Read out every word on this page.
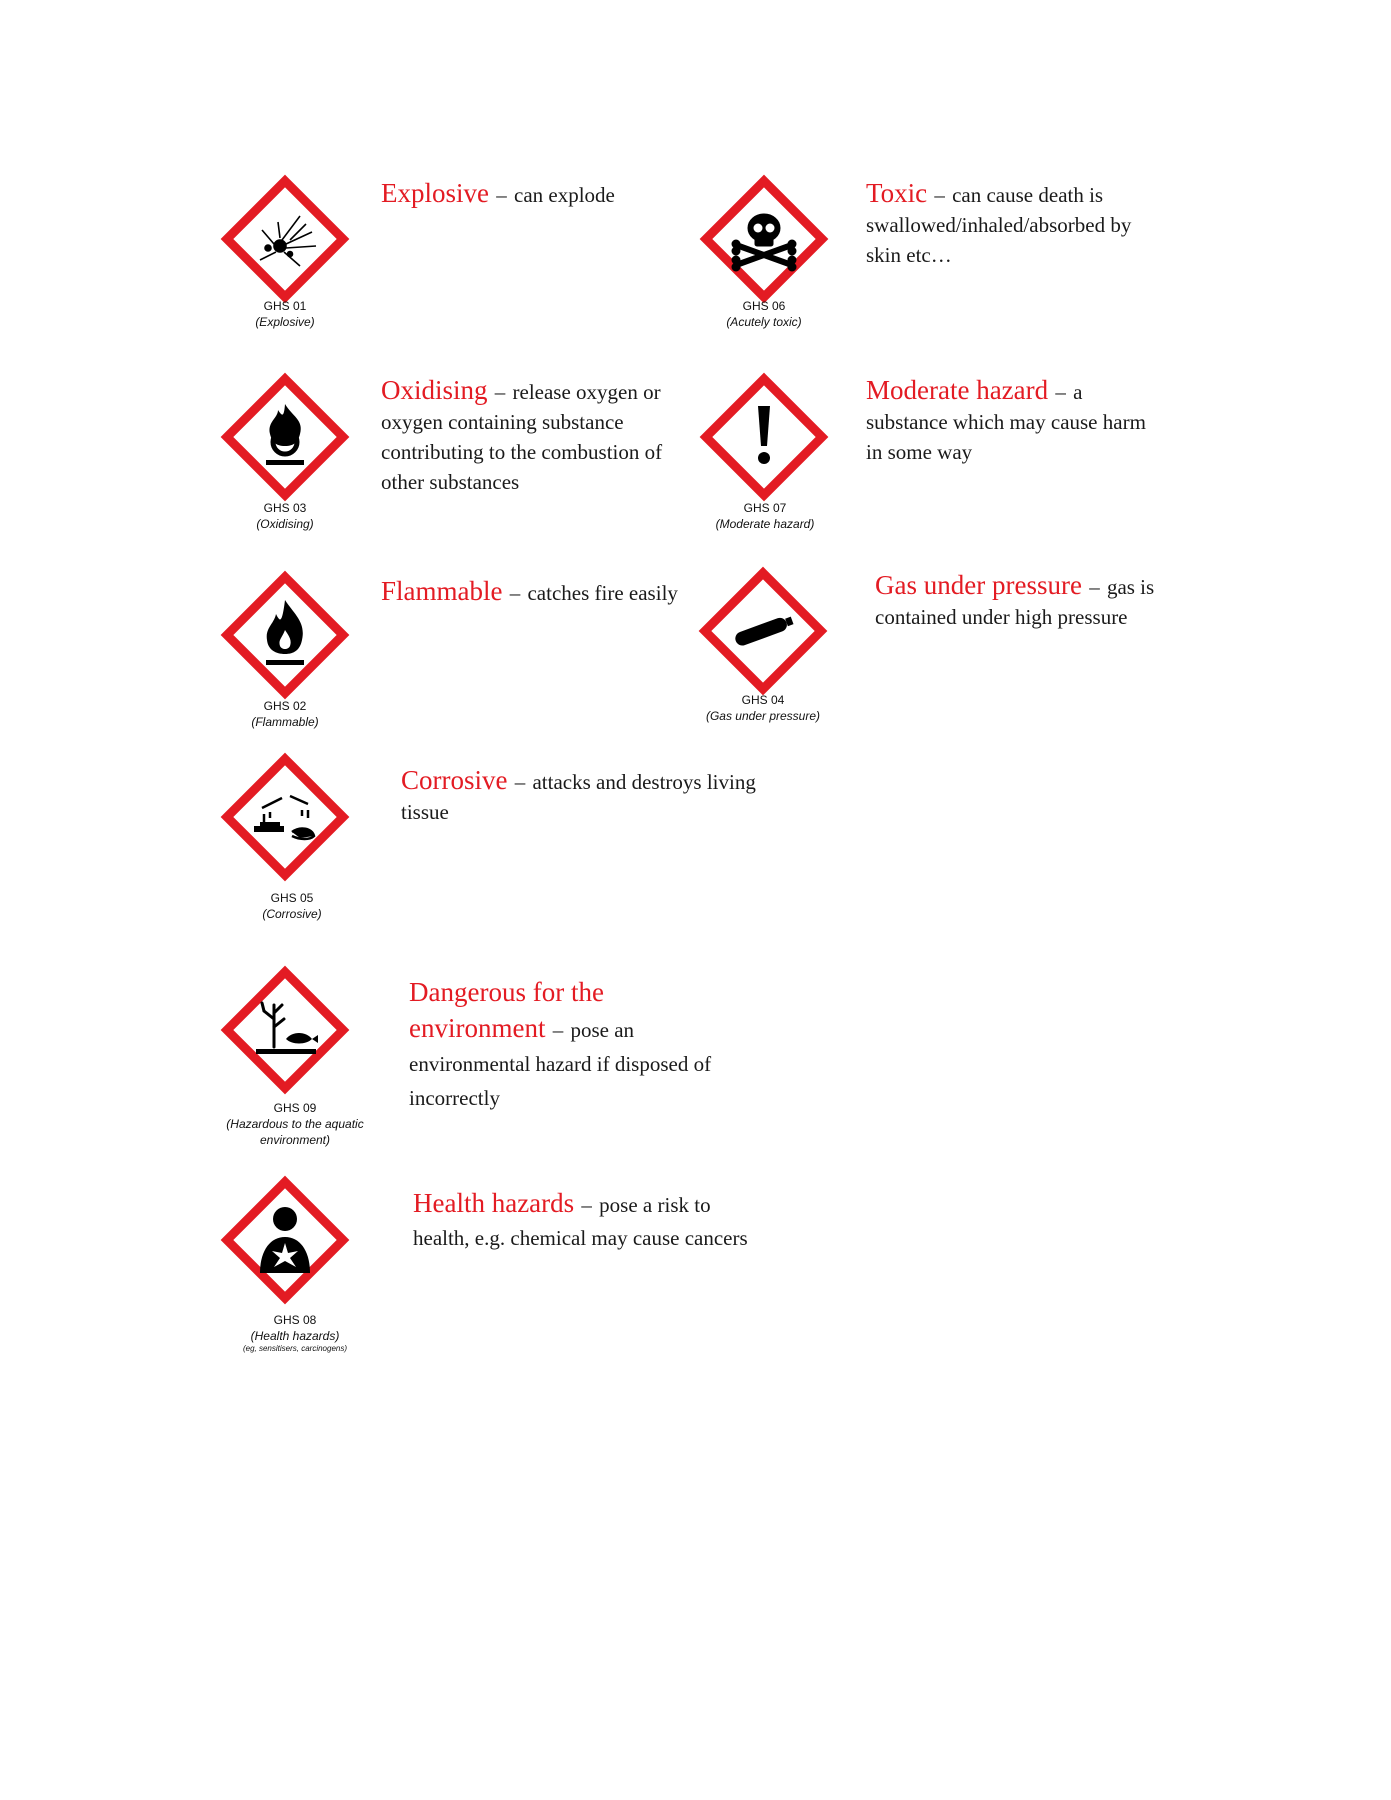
GHS 01
(Explosive)
Explosive – can explode
GHS 06
(Acutely toxic)
Toxic – can cause death is swallowed/inhaled/absorbed by skin etc…
GHS 03
(Oxidising)
Oxidising – release oxygen or oxygen containing substance contributing to the combustion of other substances
GHS 07
(Moderate hazard)
Moderate hazard – a substance which may cause harm in some way
GHS 02
(Flammable)
Flammable – catches fire easily
GHS 04
(Gas under pressure)
Gas under pressure – gas is contained under high pressure
GHS 05
(Corrosive)
Corrosive – attacks and destroys living tissue
GHS 09
(Hazardous to the aquatic environment)
Dangerous for the environment – pose an environmental hazard if disposed of incorrectly
GHS 08
(Health hazards)
(eg, sensitisers, carcinogens)
Health hazards – pose a risk to health, e.g. chemical may cause cancers
